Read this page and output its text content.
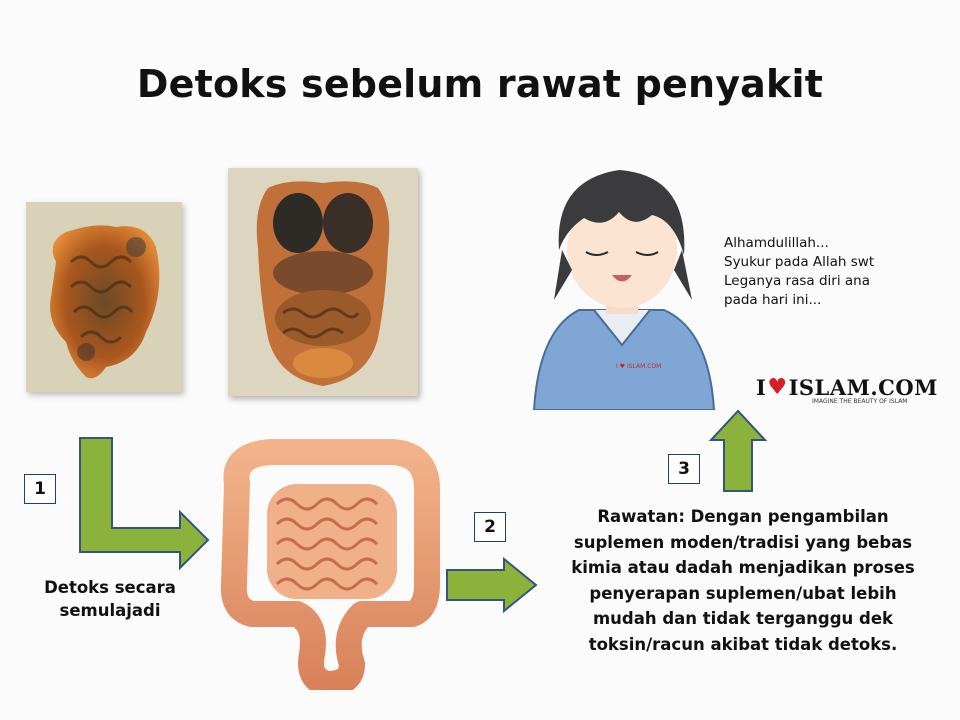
Detoks sebelum rawat penyakit
I ♥ ISLAM.COM
Alhamdulillah...
Syukur pada Allah swt
Leganya rasa diri ana
pada hari ini...
I ♥ ISLAM.COM
IMAGINE THE BEAUTY OF ISLAM
1
2
3
Detoks secara
semulajadi
Rawatan: Dengan pengambilan suplemen moden/tradisi yang bebas kimia atau dadah menjadikan proses penyerapan suplemen/ubat lebih mudah dan tidak terganggu dek toksin/racun akibat tidak detoks.
